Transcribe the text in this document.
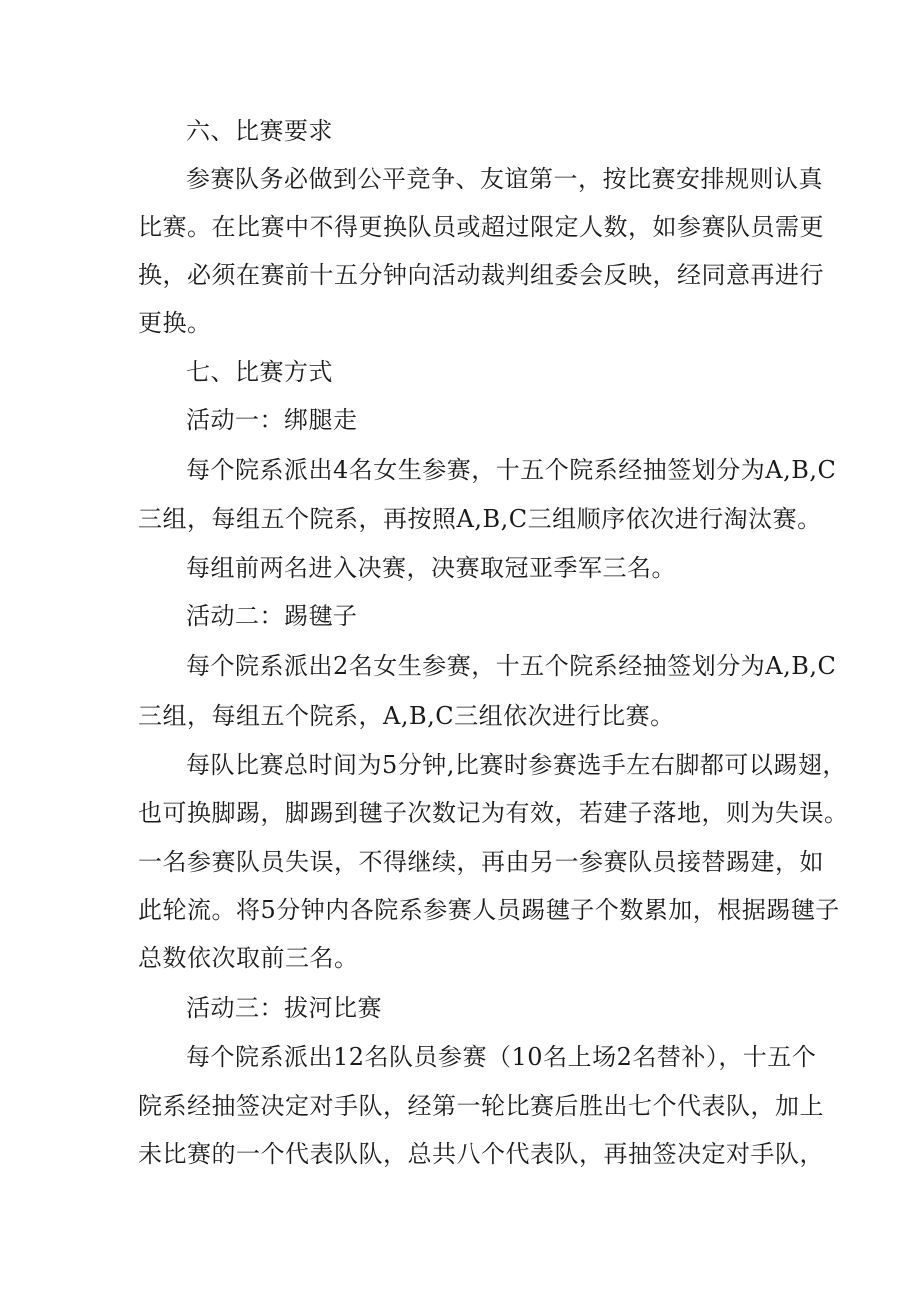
六、比赛要求
参赛队务必做到公平竞争、友谊第一，按比赛安排规则认真
比赛。在比赛中不得更换队员或超过限定人数，如参赛队员需更
换，必须在赛前十五分钟向活动裁判组委会反映，经同意再进行
更换。
七、比赛方式
活动一：绑腿走
每个院系派出4名女生参赛，十五个院系经抽签划分为A,B,C
三组，每组五个院系，再按照A,B,C三组顺序依次进行淘汰赛。
每组前两名进入决赛，决赛取冠亚季军三名。
活动二：踢毽子
每个院系派出2名女生参赛，十五个院系经抽签划分为A,B,C
三组，每组五个院系，A,B,C三组依次进行比赛。
每队比赛总时间为5分钟,比赛时参赛选手左右脚都可以踢翅，
也可换脚踢，脚踢到毽子次数记为有效，若建子落地，则为失误。
一名参赛队员失误，不得继续，再由另一参赛队员接替踢建，如
此轮流。将5分钟内各院系参赛人员踢毽子个数累加，根据踢毽子
总数依次取前三名。
活动三：拔河比赛
每个院系派出12名队员参赛（10名上场2名替补），十五个
院系经抽签决定对手队，经第一轮比赛后胜出七个代表队，加上
未比赛的一个代表队队，总共八个代表队，再抽签决定对手队，
